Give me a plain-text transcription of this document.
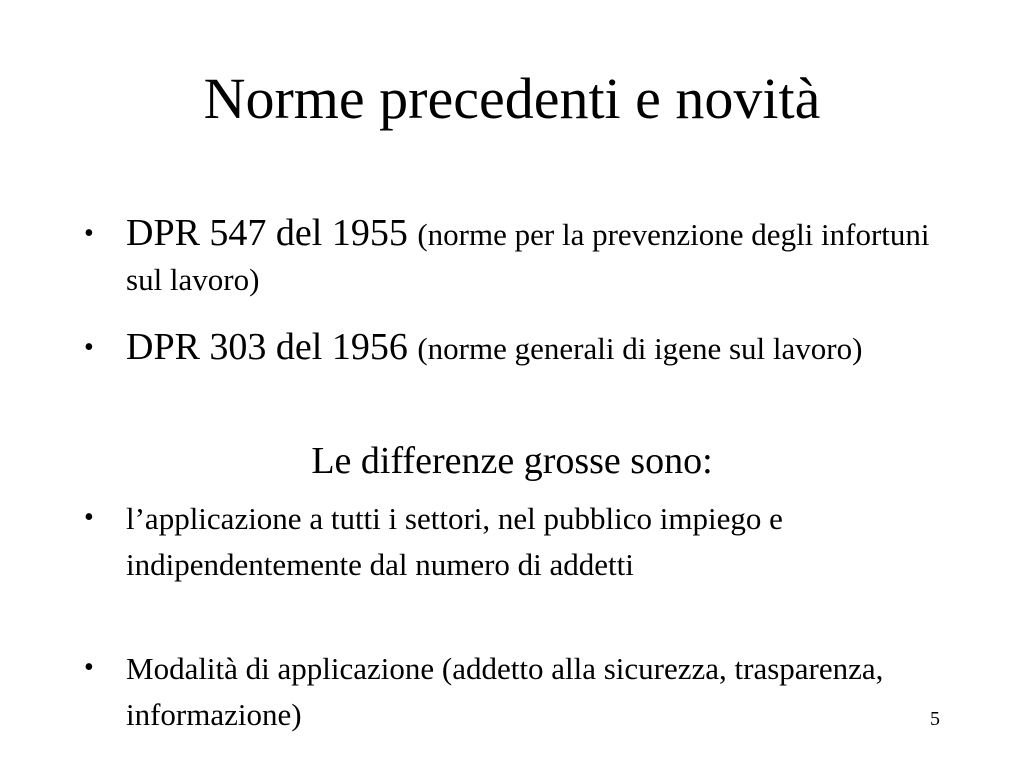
Norme precedenti e novità
• DPR 547 del 1955 (norme per la prevenzione degli infortuni sul lavoro)
• DPR 303 del 1956 (norme generali di igene sul lavoro)
Le differenze grosse sono:
• l’applicazione a tutti i settori, nel pubblico impiego e indipendentemente dal numero di addetti
• Modalità di applicazione (addetto alla sicurezza, trasparenza, informazione)	5
